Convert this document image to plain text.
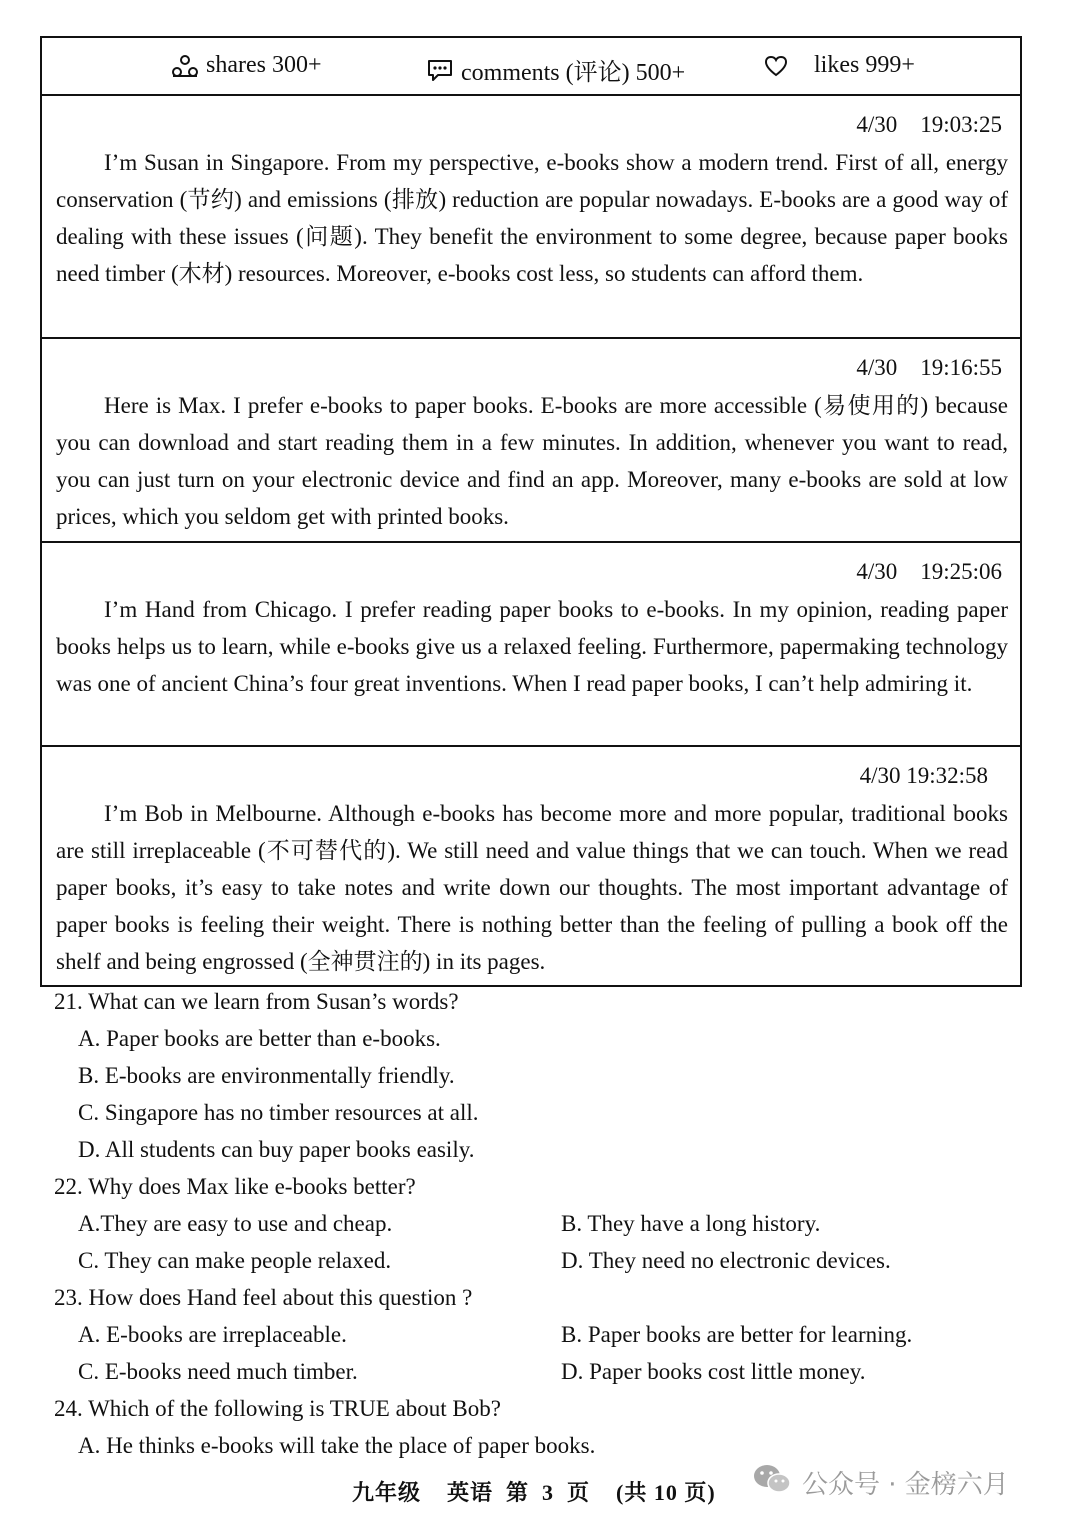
shares 300+	comments (评论) 500+	likes 999+
4/30    19:03:25
I’m Susan in Singapore. From my perspective, e-books show a modern trend. First of all, energy conservation (节约) and emissions (排放) reduction are popular nowadays. E-books are a good way of dealing with these issues (问题). They benefit the environment to some degree, because paper books need timber (木材) resources. Moreover, e-books cost less, so students can afford them.
4/30    19:16:55
Here is Max. I prefer e-books to paper books. E-books are more accessible (易使用的) because you can download and start reading them in a few minutes. In addition, whenever you want to read, you can just turn on your electronic device and find an app. Moreover, many e-books are sold at low prices, which you seldom get with printed books.
4/30    19:25:06
I’m Hand from Chicago. I prefer reading paper books to e-books. In my opinion, reading paper books helps us to learn, while e-books give us a relaxed feeling. Furthermore, papermaking technology was one of ancient China’s four great inventions. When I read paper books, I can’t help admiring it.
4/30 19:32:58
I’m Bob in Melbourne. Although e-books has become more and more popular, traditional books are still irreplaceable (不可替代的). We still need and value things that we can touch. When we read paper books, it’s easy to take notes and write down our thoughts. The most important advantage of paper books is feeling their weight. There is nothing better than the feeling of pulling a book off the shelf and being engrossed (全神贯注的) in its pages.
21. What can we learn from Susan’s words?
A. Paper books are better than e-books.
B. E-books are environmentally friendly.
C. Singapore has no timber resources at all.
D. All students can buy paper books easily.
22. Why does Max like e-books better?
A.They are easy to use and cheap.	B. They have a long history.
C. They can make people relaxed.	D. They need no electronic devices.
23. How does Hand feel about this question ?
A. E-books are irreplaceable.	B. Paper books are better for learning.
C. E-books need much timber.	D. Paper books cost little money.
24. Which of the following is TRUE about Bob?
A. He thinks e-books will take the place of paper books.
九年级    英语  第  3  页    (共 10 页)	公众号 · 金榜六月
